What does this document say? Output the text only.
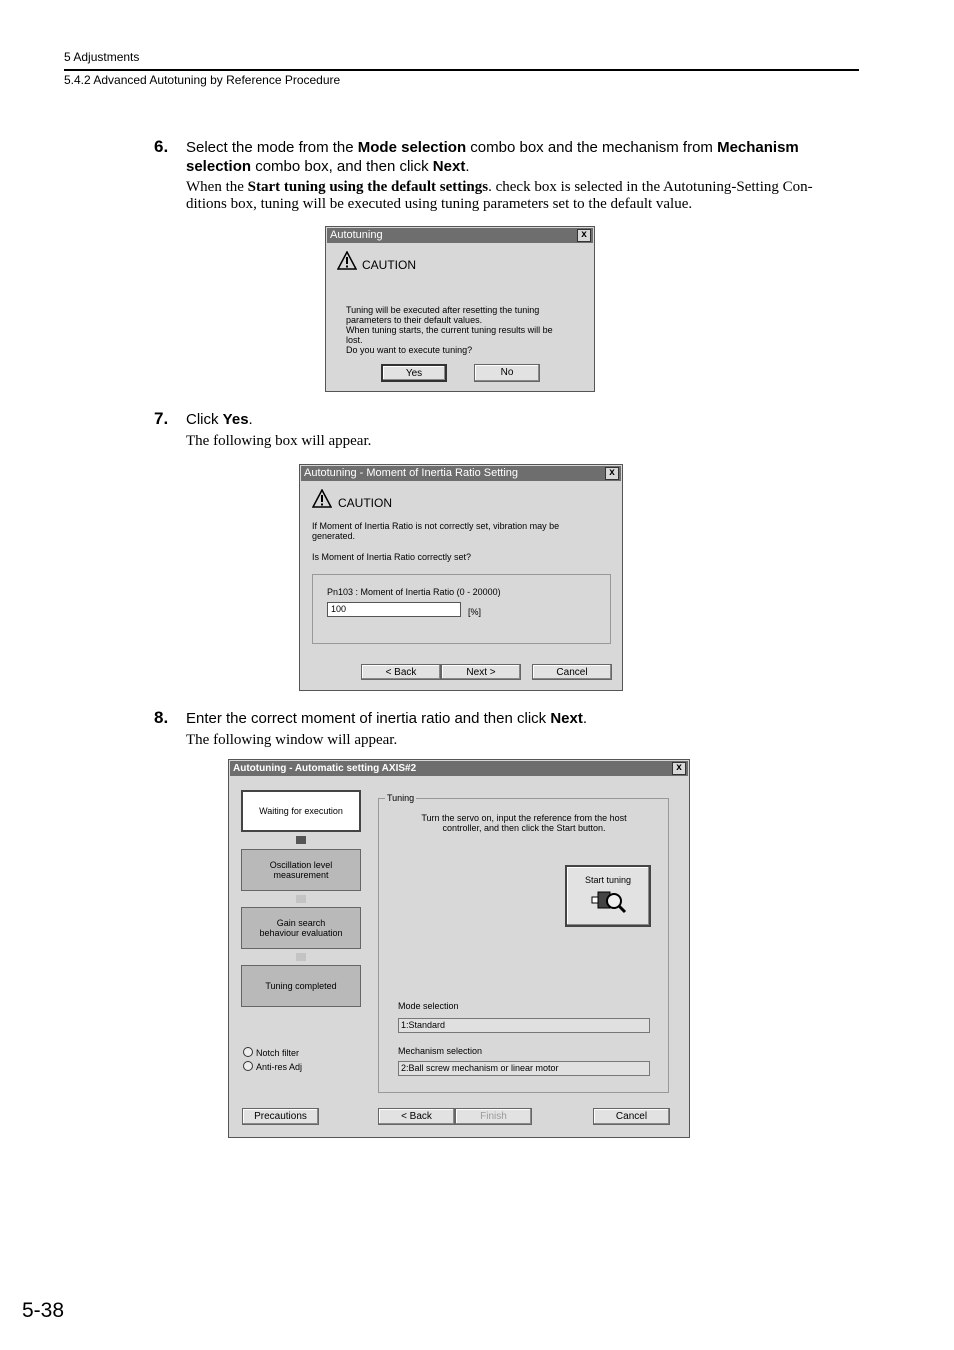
5 Adjustments
5.4.2 Advanced Autotuning by Reference Procedure
6. Select the mode from the Mode selection combo box and the mechanism from Mechanism
selection combo box, and then click Next.
When the Start tuning using the default settings. check box is selected in the Autotuning-Setting Con-
ditions box, tuning will be executed using tuning parameters set to the default value.
Autotuning	x
CAUTION
Tuning will be executed after resetting the tuning
parameters to their default values.
When tuning starts, the current tuning results will be
lost.
Do you want to execute tuning?
Yes	No
7. Click Yes.
The following box will appear.
Autotuning - Moment of Inertia Ratio Setting	x
CAUTION
If Moment of Inertia Ratio is not correctly set, vibration may be
generated.
Is Moment of Inertia Ratio correctly set?
Pn103 : Moment of Inertia Ratio (0 - 20000)
100	[%]
< Back	Next >	Cancel
8. Enter the correct moment of inertia ratio and then click Next.
The following window will appear.
Autotuning - Automatic setting AXIS#2	x
Waiting for execution
Oscillation level measurement
Gain search behaviour evaluation
Tuning completed
Notch filter
Anti-res Adj
Tuning
Turn the servo on, input the reference from the host
controller, and then click the Start button.
Start tuning
Mode selection
1:Standard
Mechanism selection
2:Ball screw mechanism or linear motor
Precautions	< Back	Finish	Cancel
5-38
